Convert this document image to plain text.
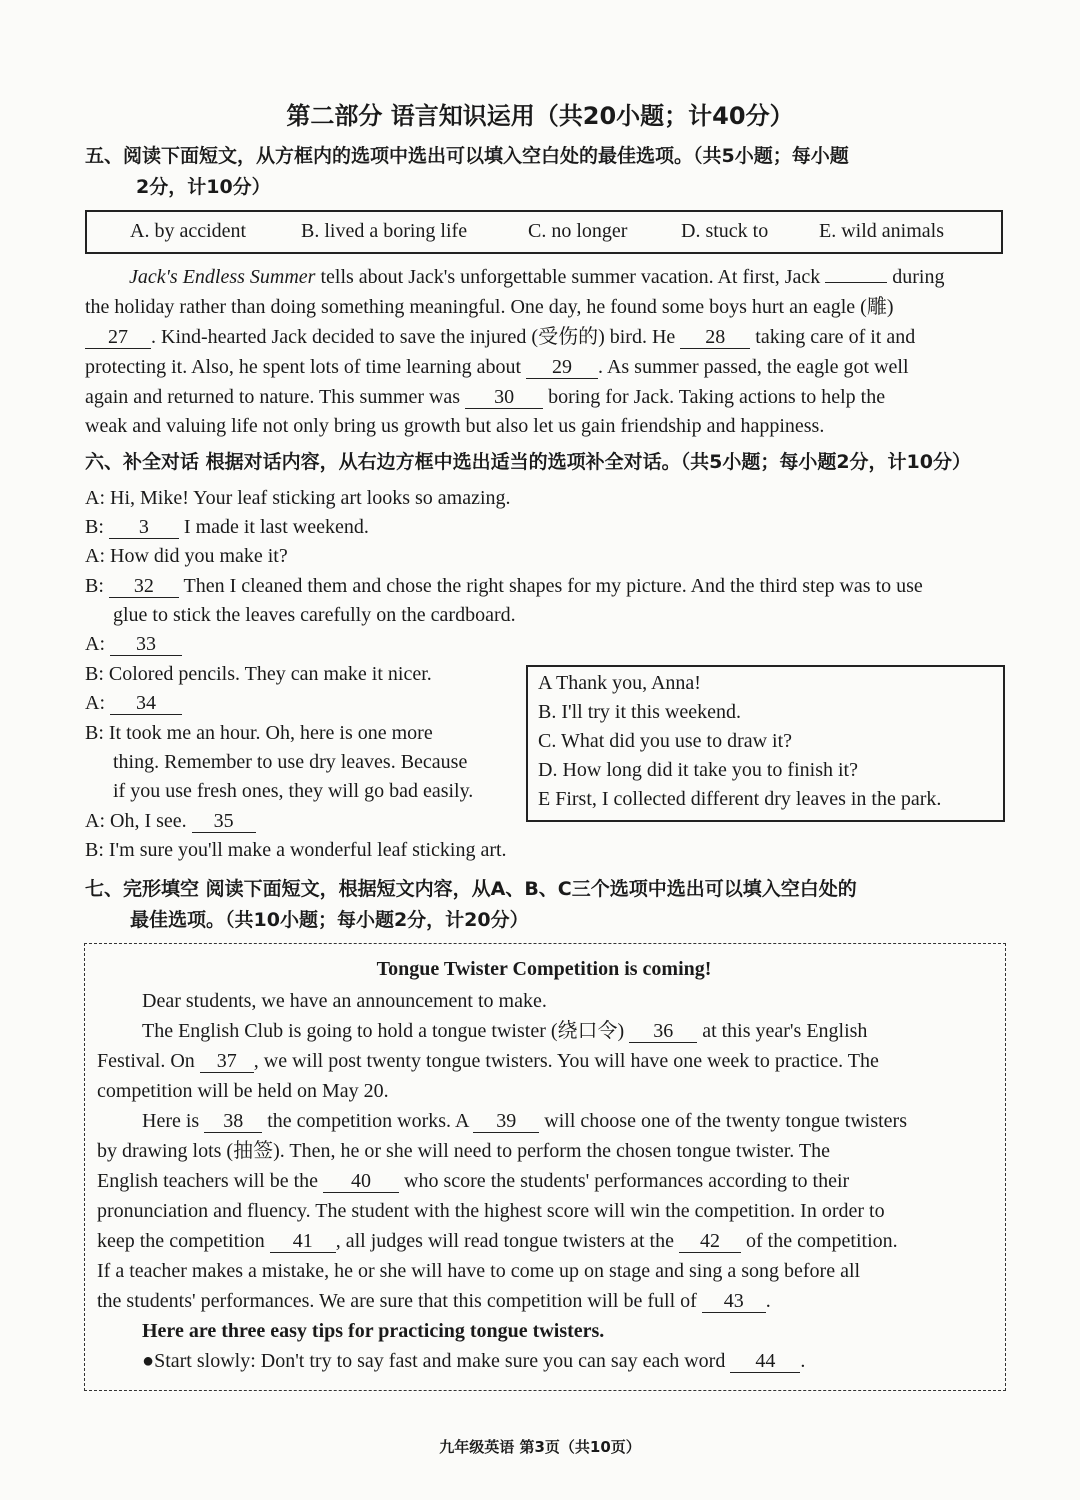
第二部分 语言知识运用（共20小题；计40分）
五、阅读下面短文，从方框内的选项中选出可以填入空白处的最佳选项。（共5小题；每小题
2分，计10分）
A. by accident	B. lived a boring life	C. no longer	D. stuck to	E. wild animals
Jack's Endless Summer tells about Jack's unforgettable summer vacation. At first, Jack	during
the holiday rather than doing something meaningful. One day, he found some boys hurt an eagle (雕)
27 . Kind-hearted Jack decided to save the injured (受伤的) bird. He 28 taking care of it and
protecting it. Also, he spent lots of time learning about 29 . As summer passed, the eagle got well
again and returned to nature. This summer was 30 boring for Jack. Taking actions to help the
weak and valuing life not only bring us growth but also let us gain friendship and happiness.
六、补全对话 根据对话内容，从右边方框中选出适当的选项补全对话。（共5小题；每小题2分，计10分）
A: Hi, Mike! Your leaf sticking art looks so amazing.
B: 3 I made it last weekend.
A: How did you make it?
B: 32 Then I cleaned them and chose the right shapes for my picture. And the third step was to use
glue to stick the leaves carefully on the cardboard.
A: 33
B: Colored pencils. They can make it nicer.
A: 34
B: It took me an hour. Oh, here is one more
thing. Remember to use dry leaves. Because
if you use fresh ones, they will go bad easily.
A: Oh, I see. 35
B: I'm sure you'll make a wonderful leaf sticking art.
A Thank you, Anna!
B. I'll try it this weekend.
C. What did you use to draw it?
D. How long did it take you to finish it?
E First, I collected different dry leaves in the park.
七、完形填空 阅读下面短文，根据短文内容，从A、B、C三个选项中选出可以填入空白处的
最佳选项。（共10小题；每小题2分，计20分）
Tongue Twister Competition is coming!
Dear students, we have an announcement to make.
The English Club is going to hold a tongue twister (绕口令) 36 at this year's English
Festival. On 37 , we will post twenty tongue twisters. You will have one week to practice. The
competition will be held on May 20.
Here is 38 the competition works. A 39 will choose one of the twenty tongue twisters
by drawing lots (抽签). Then, he or she will need to perform the chosen tongue twister. The
English teachers will be the 40 who score the students' performances according to their
pronunciation and fluency. The student with the highest score will win the competition. In order to
keep the competition 41 , all judges will read tongue twisters at the 42 of the competition.
If a teacher makes a mistake, he or she will have to come up on stage and sing a song before all
the students' performances. We are sure that this competition will be full of 43 .
Here are three easy tips for practicing tongue twisters.
●Start slowly: Don't try to say fast and make sure you can say each word 44 .
九年级英语 第3页（共10页）
